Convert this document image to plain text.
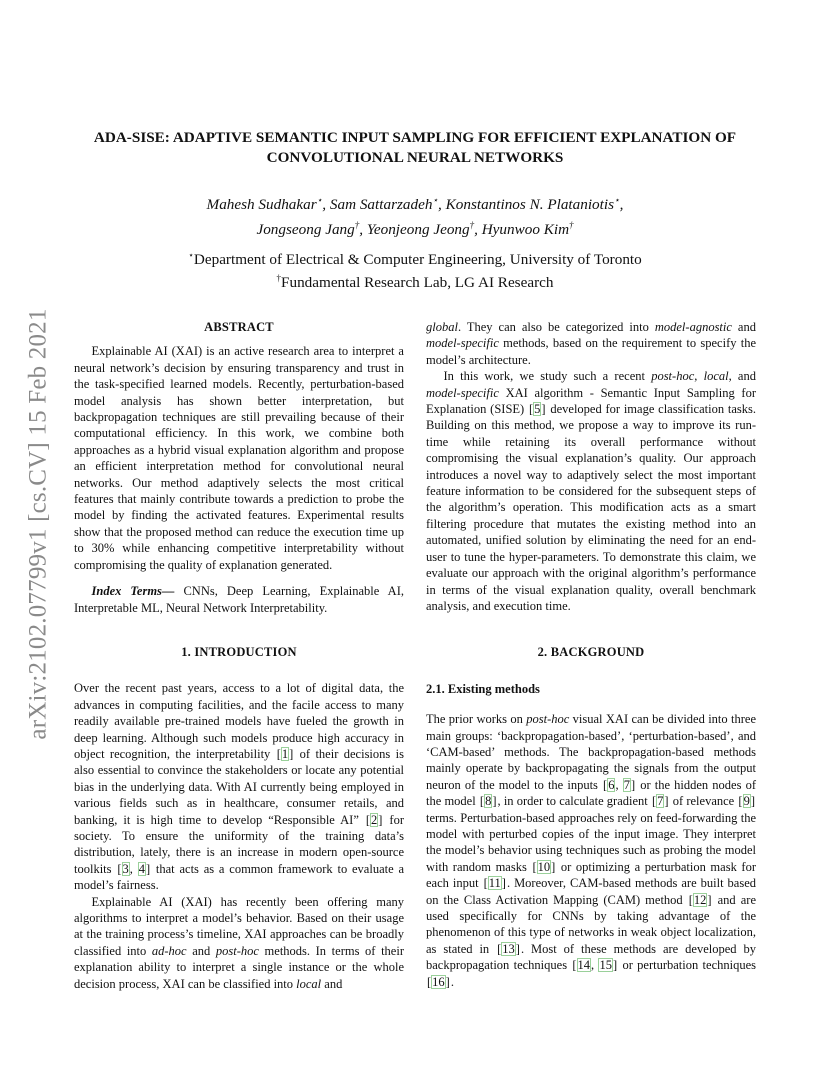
arXiv:2102.07799v1 [cs.CV] 15 Feb 2021
ADA-SISE: ADAPTIVE SEMANTIC INPUT SAMPLING FOR EFFICIENT EXPLANATION OF
CONVOLUTIONAL NEURAL NETWORKS
Mahesh Sudhakar⋆, Sam Sattarzadeh⋆, Konstantinos N. Plataniotis⋆,
Jongseong Jang†, Yeonjeong Jeong†, Hyunwoo Kim†
⋆Department of Electrical & Computer Engineering, University of Toronto
†Fundamental Research Lab, LG AI Research
ABSTRACT

Explainable AI (XAI) is an active research area to interpret a neural network’s decision by ensuring transparency and trust in the task-specified learned models. Recently, perturbation-based model analysis has shown better interpretation, but backpropagation techniques are still prevailing because of their computational efficiency. In this work, we combine both approaches as a hybrid visual explanation algorithm and propose an efficient interpretation method for convolutional neural networks. Our method adaptively selects the most critical features that mainly contribute towards a prediction to probe the model by finding the activated features. Experimental results show that the proposed method can reduce the execution time up to 30% while enhancing competitive interpretability without compromising the quality of explanation generated.

Index Terms— CNNs, Deep Learning, Explainable AI, Interpretable ML, Neural Network Interpretability.

1. INTRODUCTION

Over the recent past years, access to a lot of digital data, the advances in computing facilities, and the facile access to many readily available pre-trained models have fueled the growth in deep learning. Although such models produce high accuracy in object recognition, the interpretability [1] of their decisions is also essential to convince the stakeholders or locate any potential bias in the underlying data. With AI currently being employed in various fields such as in healthcare, consumer retails, and banking, it is high time to develop “Responsible AI” [2] for society. To ensure the uniformity of the training data’s distribution, lately, there is an increase in modern open-source toolkits [3, 4] that acts as a common framework to evaluate a model’s fairness.

Explainable AI (XAI) has recently been offering many algorithms to interpret a model’s behavior. Based on their usage at the training process’s timeline, XAI approaches can be broadly classified into ad-hoc and post-hoc methods. In terms of their explanation ability to interpret a single instance or the whole decision process, XAI can be classified into local and

global. They can also be categorized into model-agnostic and model-specific methods, based on the requirement to specify the model’s architecture.

In this work, we study such a recent post-hoc, local, and model-specific XAI algorithm - Semantic Input Sampling for Explanation (SISE) [5] developed for image classification tasks. Building on this method, we propose a way to improve its run-time while retaining its overall performance without compromising the visual explanation’s quality. Our approach introduces a novel way to adaptively select the most important feature information to be considered for the subsequent steps of the algorithm’s operation. This modification acts as a smart filtering procedure that mutates the existing method into an automated, unified solution by eliminating the need for an end-user to tune the hyper-parameters. To demonstrate this claim, we evaluate our approach with the original algorithm’s performance in terms of the visual explanation quality, overall benchmark analysis, and execution time.

2. BACKGROUND
2.1. Existing methods

The prior works on post-hoc visual XAI can be divided into three main groups: ‘backpropagation-based’, ‘perturbation-based’, and ‘CAM-based’ methods. The backpropagation-based methods mainly operate by backpropagating the signals from the output neuron of the model to the inputs [6, 7] or the hidden nodes of the model [8], in order to calculate gradient [7] of relevance [9] terms. Perturbation-based approaches rely on feed-forwarding the model with perturbed copies of the input image. They interpret the model’s behavior using techniques such as probing the model with random masks [10] or optimizing a perturbation mask for each input [11]. Moreover, CAM-based methods are built based on the Class Activation Mapping (CAM) method [12] and are used specifically for CNNs by taking advantage of the phenomenon of this type of networks in weak object localization, as stated in [13]. Most of these methods are developed by backpropagation techniques [14, 15] or perturbation techniques [16].
